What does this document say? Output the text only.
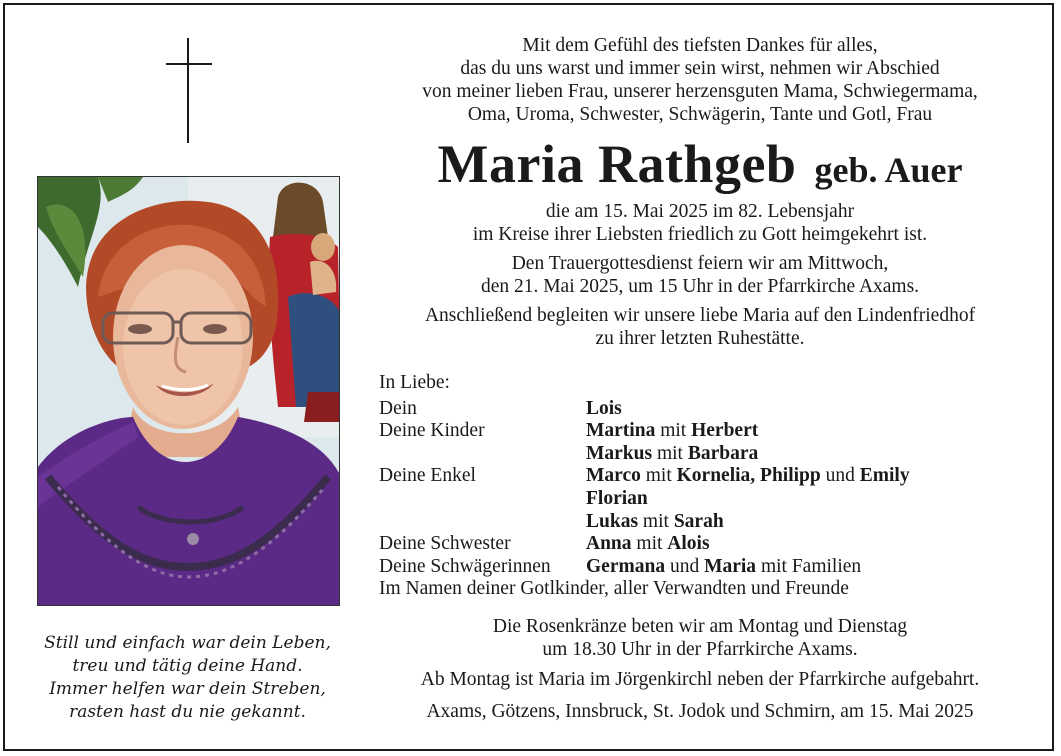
Still und einfach war dein Leben,
treu und tätig deine Hand.
Immer helfen war dein Streben,
rasten hast du nie gekannt.
Mit dem Gefühl des tiefsten Dankes für alles,
das du uns warst und immer sein wirst, nehmen wir Abschied
von meiner lieben Frau, unserer herzensguten Mama, Schwiegermama,
Oma, Uroma, Schwester, Schwägerin, Tante und Gotl, Frau
Maria Rathgeb geb. Auer
die am 15. Mai 2025 im 82. Lebensjahr
im Kreise ihrer Liebsten friedlich zu Gott heimgekehrt ist.
Den Trauergottesdienst feiern wir am Mittwoch,
den 21. Mai 2025, um 15 Uhr in der Pfarrkirche Axams.
Anschließend begleiten wir unsere liebe Maria auf den Lindenfriedhof
zu ihrer letzten Ruhestätte.
In Liebe:
Dein	Lois
Deine Kinder	Martina mit Herbert
Markus mit Barbara
Deine Enkel	Marco mit Kornelia, Philipp und Emily
Florian
Lukas mit Sarah
Deine Schwester	Anna mit Alois
Deine Schwägerinnen	Germana und Maria mit Familien
Im Namen deiner Gotlkinder, aller Verwandten und Freunde
Die Rosenkränze beten wir am Montag und Dienstag
um 18.30 Uhr in der Pfarrkirche Axams.
Ab Montag ist Maria im Jörgenkirchl neben der Pfarrkirche aufgebahrt.
Axams, Götzens, Innsbruck, St. Jodok und Schmirn, am 15. Mai 2025
